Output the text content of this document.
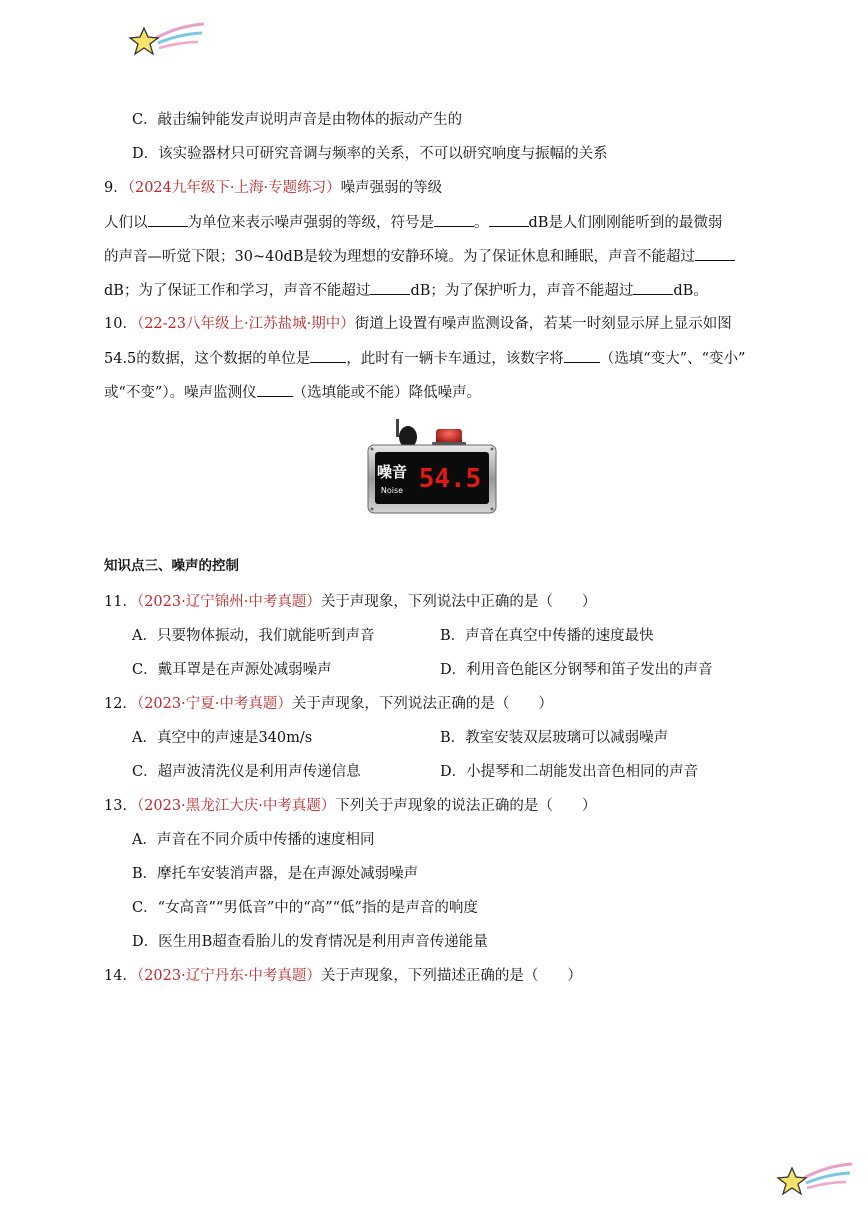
C．敲击编钟能发声说明声音是由物体的振动产生的
D．该实验器材只可研究音调与频率的关系，不可以研究响度与振幅的关系
9．（2024九年级下·上海·专题练习）噪声强弱的等级
人们以	为单位来表示噪声强弱的等级，符号是	。	dB是人们刚刚能听到的最微弱
的声音—听觉下限；30~40dB是较为理想的安静环境。为了保证休息和睡眠，声音不能超过
dB；为了保证工作和学习，声音不能超过	dB；为了保护听力，声音不能超过	dB。
10．（22-23八年级上·江苏盐城·期中）街道上设置有噪声监测设备，若某一时刻显示屏上显示如图
54.5的数据，这个数据的单位是 ，此时有一辆卡车通过，该数字将 （选填“变大”、“变小”
或“不变”）。噪声监测仪 （选填能或不能）降低噪声。
噪音
Noise 54.5
知识点三、噪声的控制
11．（2023·辽宁锦州·中考真题）关于声现象，下列说法中正确的是（　　）
A．只要物体振动，我们就能听到声音	B．声音在真空中传播的速度最快
C．戴耳罩是在声源处减弱噪声	D．利用音色能区分钢琴和笛子发出的声音
12．（2023·宁夏·中考真题）关于声现象，下列说法正确的是（　　）
A．真空中的声速是340m/s	B．教室安装双层玻璃可以减弱噪声
C．超声波清洗仪是利用声传递信息	D．小提琴和二胡能发出音色相同的声音
13．（2023·黑龙江大庆·中考真题）下列关于声现象的说法正确的是（　　）
A．声音在不同介质中传播的速度相同
B．摩托车安装消声器，是在声源处减弱噪声
C．“女高音”“男低音”中的“高”“低”指的是声音的响度
D．医生用B超查看胎儿的发育情况是利用声音传递能量
14．（2023·辽宁丹东·中考真题）关于声现象，下列描述正确的是（　　）
